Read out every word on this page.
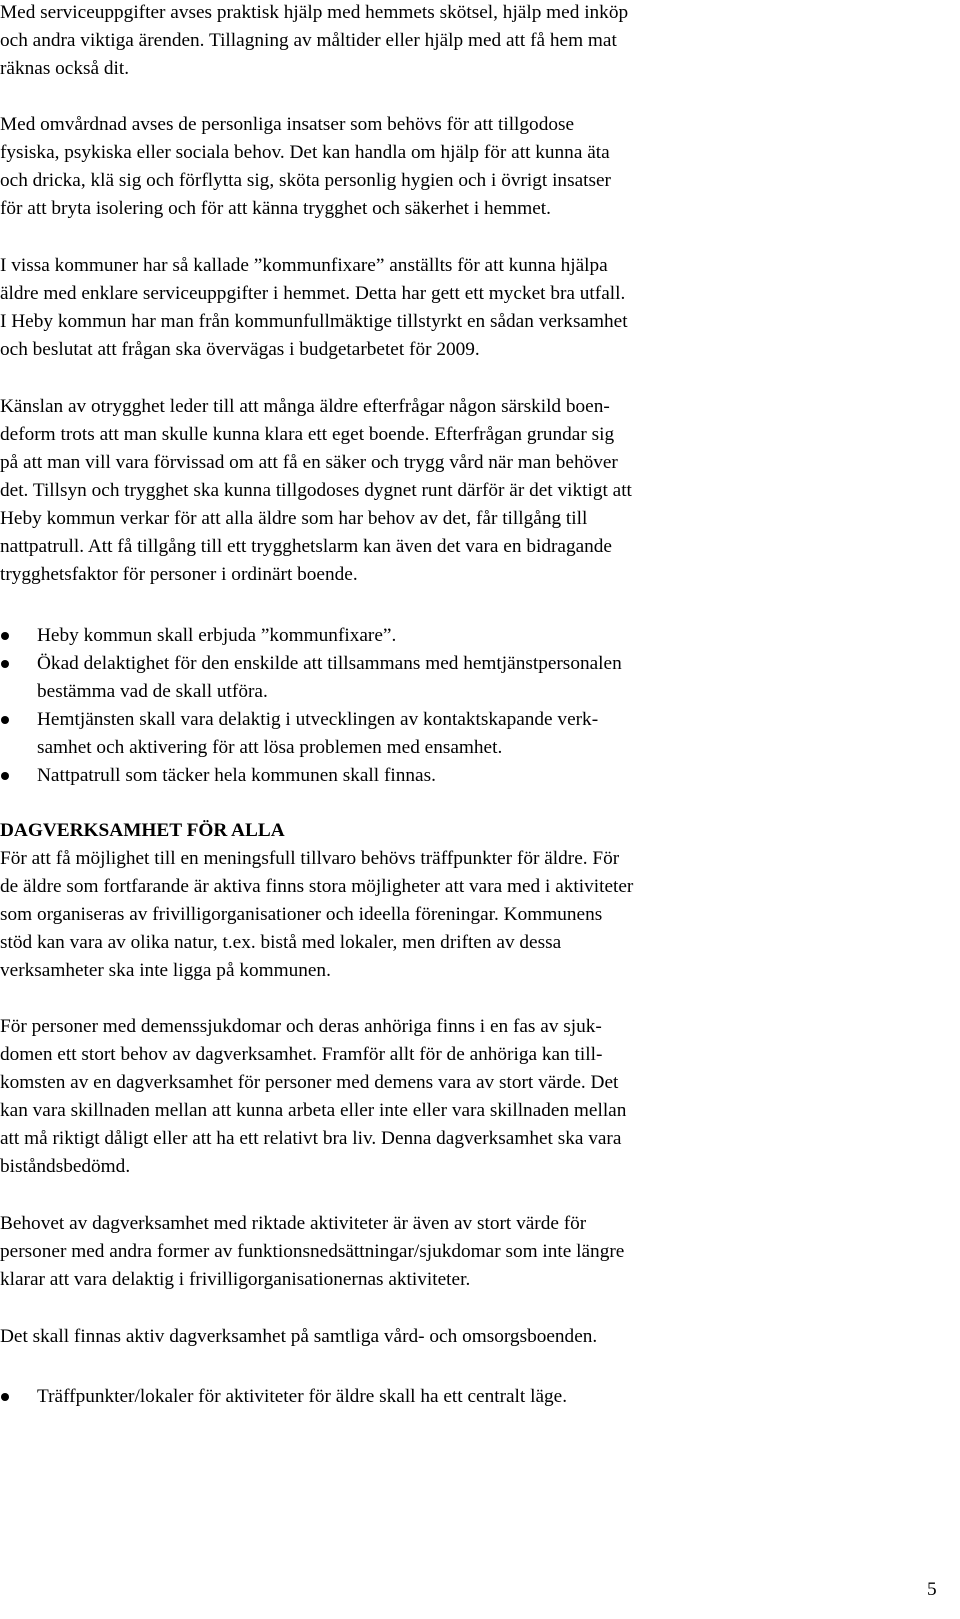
Med serviceuppgifter avses praktisk hjälp med hemmets skötsel, hjälp med inköp
och andra viktiga ärenden. Tillagning av måltider eller hjälp med att få hem mat
räknas också dit.
Med omvårdnad avses de personliga insatser som behövs för att tillgodose
fysiska, psykiska eller sociala behov. Det kan handla om hjälp för att kunna äta
och dricka, klä sig och förflytta sig, sköta personlig hygien och i övrigt insatser
för att bryta isolering och för att känna trygghet och säkerhet i hemmet.
I vissa kommuner har så kallade ”kommunfixare” anställts för att kunna hjälpa
äldre med enklare serviceuppgifter i hemmet. Detta har gett ett mycket bra utfall.
I Heby kommun har man från kommunfullmäktige tillstyrkt en sådan verksamhet
och beslutat att frågan ska övervägas i budgetarbetet för 2009.
Känslan av otrygghet leder till att många äldre efterfrågar någon särskild boen-
deform trots att man skulle kunna klara ett eget boende. Efterfrågan grundar sig
på att man vill vara förvissad om att få en säker och trygg vård när man behöver
det. Tillsyn och trygghet ska kunna tillgodoses dygnet runt därför är det viktigt att
Heby kommun verkar för att alla äldre som har behov av det, får tillgång till
nattpatrull. Att få tillgång till ett trygghetslarm kan även det vara en bidragande
trygghetsfaktor för personer i ordinärt boende.
Heby kommun skall erbjuda ”kommunfixare”.
Ökad delaktighet för den enskilde att tillsammans med hemtjänstpersonalen
bestämma vad de skall utföra.
Hemtjänsten skall vara delaktig i utvecklingen av kontaktskapande verk-
samhet och aktivering för att lösa problemen med ensamhet.
Nattpatrull som täcker hela kommunen skall finnas.
DAGVERKSAMHET FÖR ALLA
För att få möjlighet till en meningsfull tillvaro behövs träffpunkter för äldre. För
de äldre som fortfarande är aktiva finns stora möjligheter att vara med i aktiviteter
som organiseras av frivilligorganisationer och ideella föreningar. Kommunens
stöd kan vara av olika natur, t.ex. bistå med lokaler, men driften av dessa
verksamheter ska inte ligga på kommunen.
För personer med demenssjukdomar och deras anhöriga finns i en fas av sjuk-
domen ett stort behov av dagverksamhet. Framför allt för de anhöriga kan till-
komsten av en dagverksamhet för personer med demens vara av stort värde. Det
kan vara skillnaden mellan att kunna arbeta eller inte eller vara skillnaden mellan
att må riktigt dåligt eller att ha ett relativt bra liv. Denna dagverksamhet ska vara
biståndsbedömd.
Behovet av dagverksamhet med riktade aktiviteter är även av stort värde för
personer med andra former av funktionsnedsättningar/sjukdomar som inte längre
klarar att vara delaktig i frivilligorganisationernas aktiviteter.
Det skall finnas aktiv dagverksamhet på samtliga vård- och omsorgsboenden.
Träffpunkter/lokaler för aktiviteter för äldre skall ha ett centralt läge.
5
